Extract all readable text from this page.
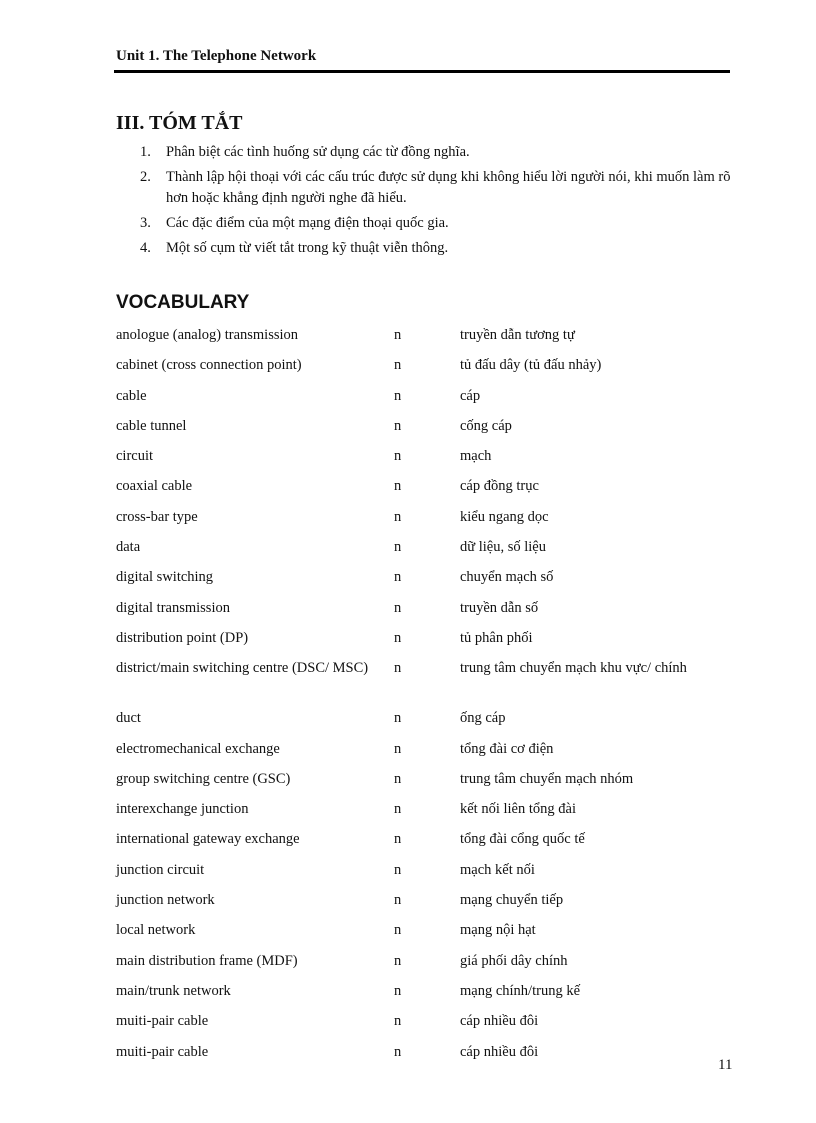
Unit 1. The Telephone Network
III. TÓM TẮT
1.	Phân biệt các tình huống sử dụng các từ đồng nghĩa.
2.	Thành lập hội thoại với các cấu trúc được sử dụng khi không hiểu lời người nói, khi muốn làm rõ hơn hoặc khẳng định người nghe đã hiểu.
3.	Các đặc điểm của một mạng điện thoại quốc gia.
4.	Một số cụm từ viết tắt trong kỹ thuật viễn thông.
VOCABULARY
anologue (analog) transmission	n	truyền dẫn tương tự
cabinet (cross connection point)	n	tủ đấu dây (tủ đấu nhảy)
cable	n	cáp
cable tunnel	n	cống cáp
circuit	n	mạch
coaxial cable	n	cáp đồng trục
cross-bar type	n	kiểu ngang dọc
data	n	dữ liệu, số liệu
digital switching	n	chuyển mạch số
digital transmission	n	truyền dẫn số
distribution point (DP)	n	tủ phân phối
district/main switching centre (DSC/ MSC)	n	trung tâm chuyển mạch khu vực/ chính
duct	n	ống cáp
electromechanical exchange	n	tổng đài cơ điện
group switching centre (GSC)	n	trung tâm chuyển mạch nhóm
interexchange junction	n	kết nối liên tổng đài
international gateway exchange	n	tổng đài cổng quốc tế
junction circuit	n	mạch kết nối
junction network	n	mạng chuyển tiếp
local network	n	mạng nội hạt
main distribution frame (MDF)	n	giá phối dây chính
main/trunk network	n	mạng chính/trung kế
muiti-pair cable	n	cáp nhiều đôi
muiti-pair cable	n	cáp nhiều đôi
11
